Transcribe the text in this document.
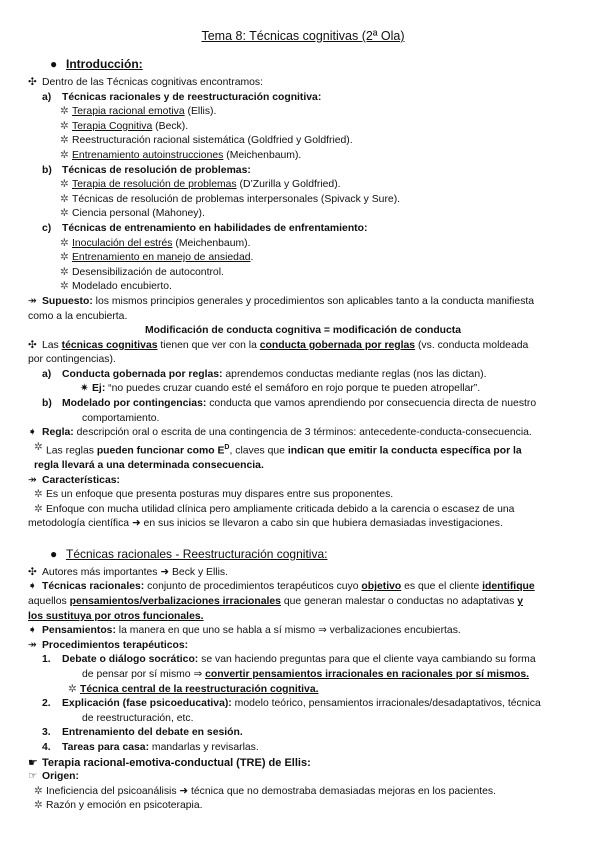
Tema 8: Técnicas cognitivas (2ª Ola)
● Introducción:
✣ Dentro de las Técnicas cognitivas encontramos:
a)	Técnicas racionales y de reestructuración cognitiva:
✲ Terapia racional emotiva (Ellis).
✲ Terapia Cognitiva (Beck).
✲ Reestructuración racional sistemática (Goldfried y Goldfried).
✲ Entrenamiento autoinstrucciones (Meichenbaum).
b) Técnicas de resolución de problemas:
✲ Terapia de resolución de problemas (D’Zurilla y Goldfried).
✲ Técnicas de resolución de problemas interpersonales (Spivack y Sure).
✲ Ciencia personal (Mahoney).
c)	Técnicas de entrenamiento en habilidades de enfrentamiento:
✲ Inoculación del estrés (Meichenbaum).
✲ Entrenamiento en manejo de ansiedad.
✲ Desensibilización de autocontrol.
✲ Modelado encubierto.
↠ Supuesto: los mismos principios generales y procedimientos son aplicables tanto a la conducta manifiesta
como a la encubierta.
Modificación de conducta cognitiva = modificación de conducta
✣ Las técnicas cognitivas tienen que ver con la conducta gobernada por reglas (vs. conducta moldeada
por contingencias).
a)	Conducta gobernada por reglas: aprendemos conductas mediante reglas (nos las dictan).
✷ Ej: “no puedes cruzar cuando esté el semáforo en rojo porque te pueden atropellar”.
b) Modelado por contingencias: conducta que vamos aprendiendo por consecuencia directa de nuestro
comportamiento.
➧ Regla: descripción oral o escrita de una contingencia de 3 términos: antecedente-conducta-consecuencia.
✲ Las reglas pueden funcionar como $E^D$, claves que indican que emitir la conducta específica por la
regla llevará a una determinada consecuencia.
↠ Características:
✲ Es un enfoque que presenta posturas muy dispares entre sus proponentes.
✲ Enfoque con mucha utilidad clínica pero ampliamente criticada debido a la carencia o escasez de una
metodología científica ➜ en sus inicios se llevaron a cabo sin que hubiera demasiadas investigaciones.
● Técnicas racionales - Reestructuración cognitiva:
✣ Autores más importantes ➜ Beck y Ellis.
➧ Técnicas racionales: conjunto de procedimientos terapéuticos cuyo objetivo es que el cliente identifique
aquellos pensamientos/verbalizaciones irracionales que generan malestar o conductas no adaptativas y
los sustituya por otros funcionales.
➧ Pensamientos: la manera en que uno se habla a sí mismo ⇒ verbalizaciones encubiertas.
↠ Procedimientos terapéuticos:
1.	Debate o diálogo socrático: se van haciendo preguntas para que el cliente vaya cambiando su forma
de pensar por sí mismo ⇒ convertir pensamientos irracionales en racionales por sí mismos.
✲ Técnica central de la reestructuración cognitiva.
2.	Explicación (fase psicoeducativa): modelo teórico, pensamientos irracionales/desadaptativos, técnica
de reestructuración, etc.
3.	Entrenamiento del debate en sesión.
4.	Tareas para casa: mandarlas y revisarlas.
☛ Terapia racional-emotiva-conductual (TRE) de Ellis:
☞ Origen:
✲ Ineficiencia del psicoanálisis ➜ técnica que no demostraba demasiadas mejoras en los pacientes.
✲ Razón y emoción en psicoterapia.
